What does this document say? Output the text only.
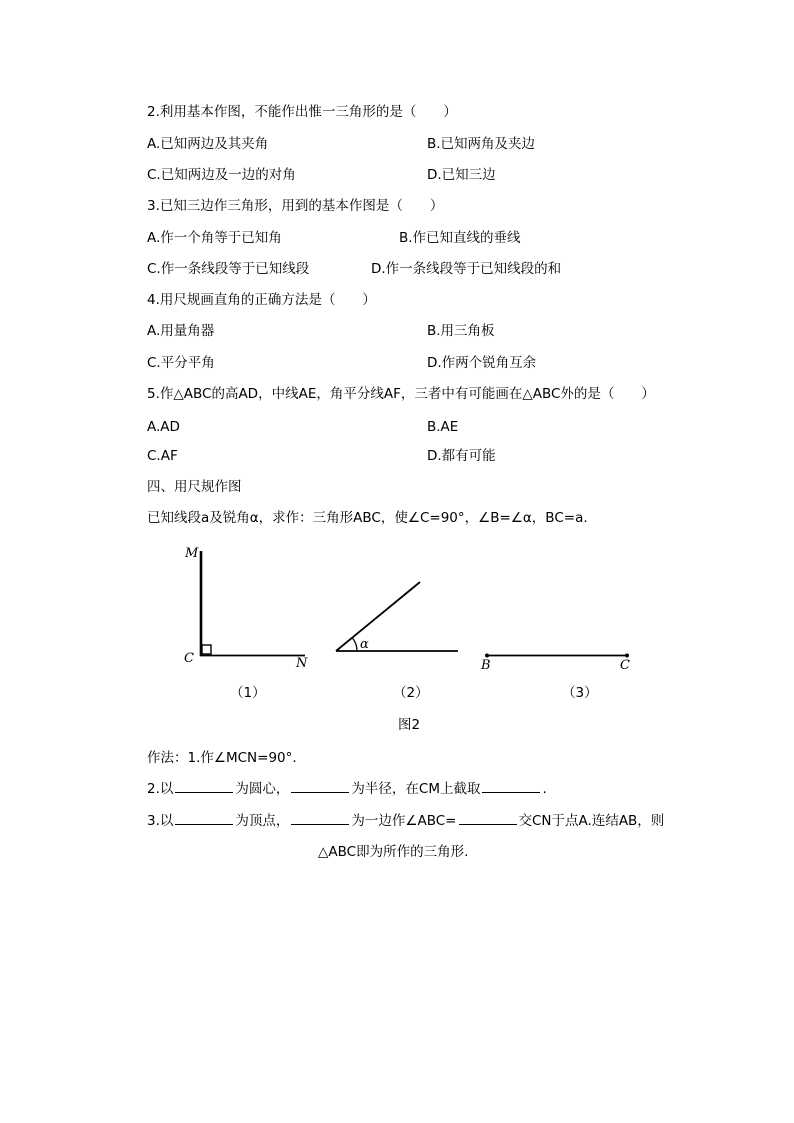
2.利用基本作图，不能作出惟一三角形的是（　　）
A.已知两边及其夹角	B.已知两角及夹边
C.已知两边及一边的对角	D.已知三边
3.已知三边作三角形，用到的基本作图是（　　）
A.作一个角等于已知角	B.作已知直线的垂线
C.作一条线段等于已知线段	D.作一条线段等于已知线段的和
4.用尺规画直角的正确方法是（　　）
A.用量角器	B.用三角板
C.平分平角	D.作两个锐角互余
5.作△ABC的高AD，中线AE，角平分线AF，三者中有可能画在△ABC外的是（　　）
A.AD	B.AE
C.AF	D.都有可能
四、用尺规作图
已知线段a及锐角α，求作：三角形ABC，使∠C=90°，∠B=∠α，BC=a.
M
C	N
α
B	C
（1）	（2）	（3）
图2
作法：1.作∠MCN=90°.
2.以	为圆心，	为半径，在CM上截取	.
3.以	为顶点，	为一边作∠ABC=	交CN于点A.连结AB，则
△ABC即为所作的三角形.
